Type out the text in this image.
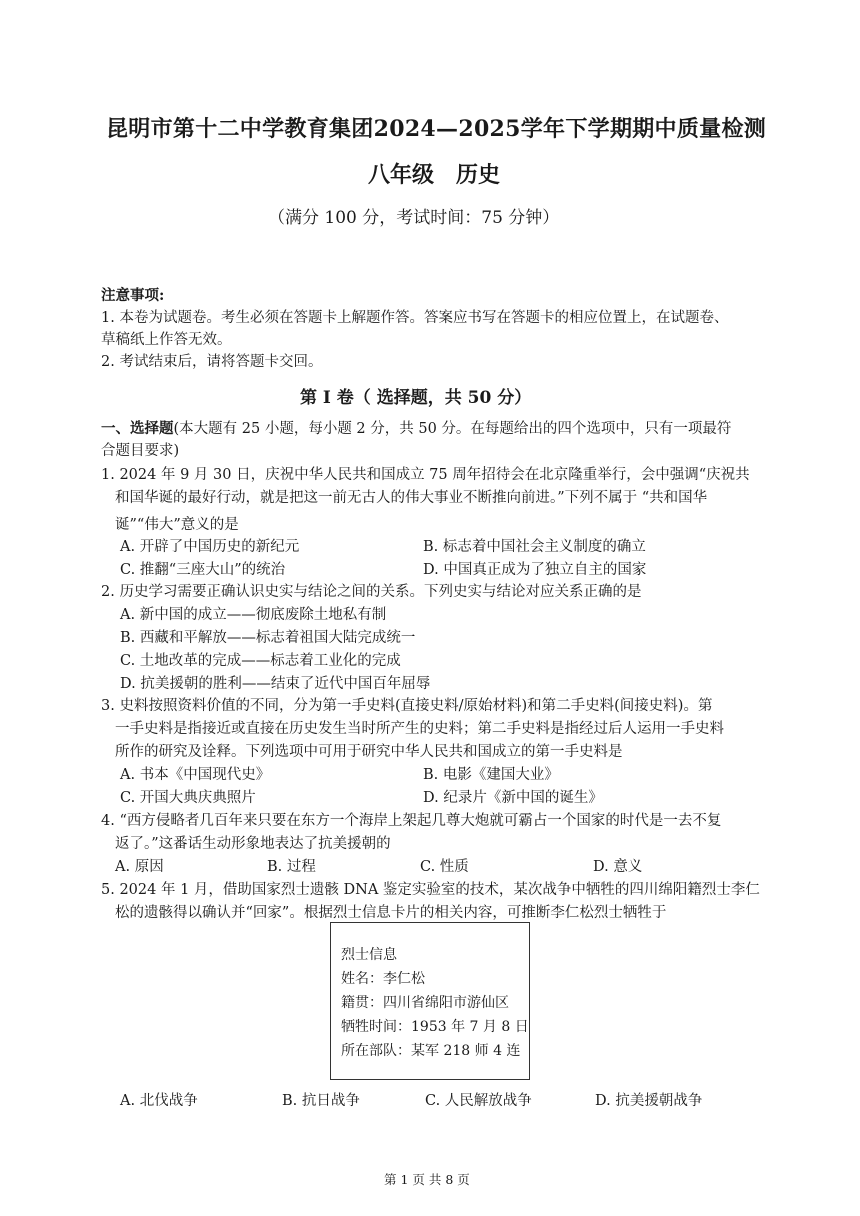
昆明市第十二中学教育集团2024—2025学年下学期期中质量检测
八年级　历史
（满分 100 分，考试时间：75 分钟）
注意事项:
1. 本卷为试题卷。考生必须在答题卡上解题作答。答案应书写在答题卡的相应位置上，在试题卷、
草稿纸上作答无效。
2. 考试结束后，请将答题卡交回。
第 I 卷（ 选择题，共 50 分）
一、选择题(本大题有 25 小题，每小题 2 分，共 50 分。在每题给出的四个选项中，只有一项最符
合题目要求)
1. 2024 年 9 月 30 日，庆祝中华人民共和国成立 75 周年招待会在北京隆重举行，会中强调“庆祝共
和国华诞的最好行动，就是把这一前无古人的伟大事业不断推向前进。”下列不属于 “共和国华
诞”“伟大”意义的是
A. 开辟了中国历史的新纪元	B. 标志着中国社会主义制度的确立
C. 推翻“三座大山”的统治	D. 中国真正成为了独立自主的国家
2. 历史学习需要正确认识史实与结论之间的关系。下列史实与结论对应关系正确的是
A. 新中国的成立——彻底废除土地私有制
B. 西藏和平解放——标志着祖国大陆完成统一
C. 土地改革的完成——标志着工业化的完成
D. 抗美援朝的胜利——结束了近代中国百年屈辱
3. 史料按照资料价值的不同，分为第一手史料(直接史料/原始材料)和第二手史料(间接史料)。第
一手史料是指接近或直接在历史发生当时所产生的史料；第二手史料是指经过后人运用一手史料
所作的研究及诠释。下列选项中可用于研究中华人民共和国成立的第一手史料是
A. 书本《中国现代史》	B. 电影《建国大业》
C. 开国大典庆典照片	D. 纪录片《新中国的诞生》
4. “西方侵略者几百年来只要在东方一个海岸上架起几尊大炮就可霸占一个国家的时代是一去不复
返了。”这番话生动形象地表达了抗美援朝的
A. 原因	B. 过程	C. 性质	D. 意义
5. 2024 年 1 月，借助国家烈士遗骸 DNA 鉴定实验室的技术，某次战争中牺牲的四川绵阳籍烈士李仁
松的遗骸得以确认并“回家”。根据烈士信息卡片的相关内容，可推断李仁松烈士牺牲于
烈士信息
姓名：李仁松
籍贯：四川省绵阳市游仙区
牺牲时间：1953 年 7 月 8 日
所在部队：某军 218 师 4 连
A. 北伐战争	B. 抗日战争	C. 人民解放战争	D. 抗美援朝战争
第 1 页 共 8 页
